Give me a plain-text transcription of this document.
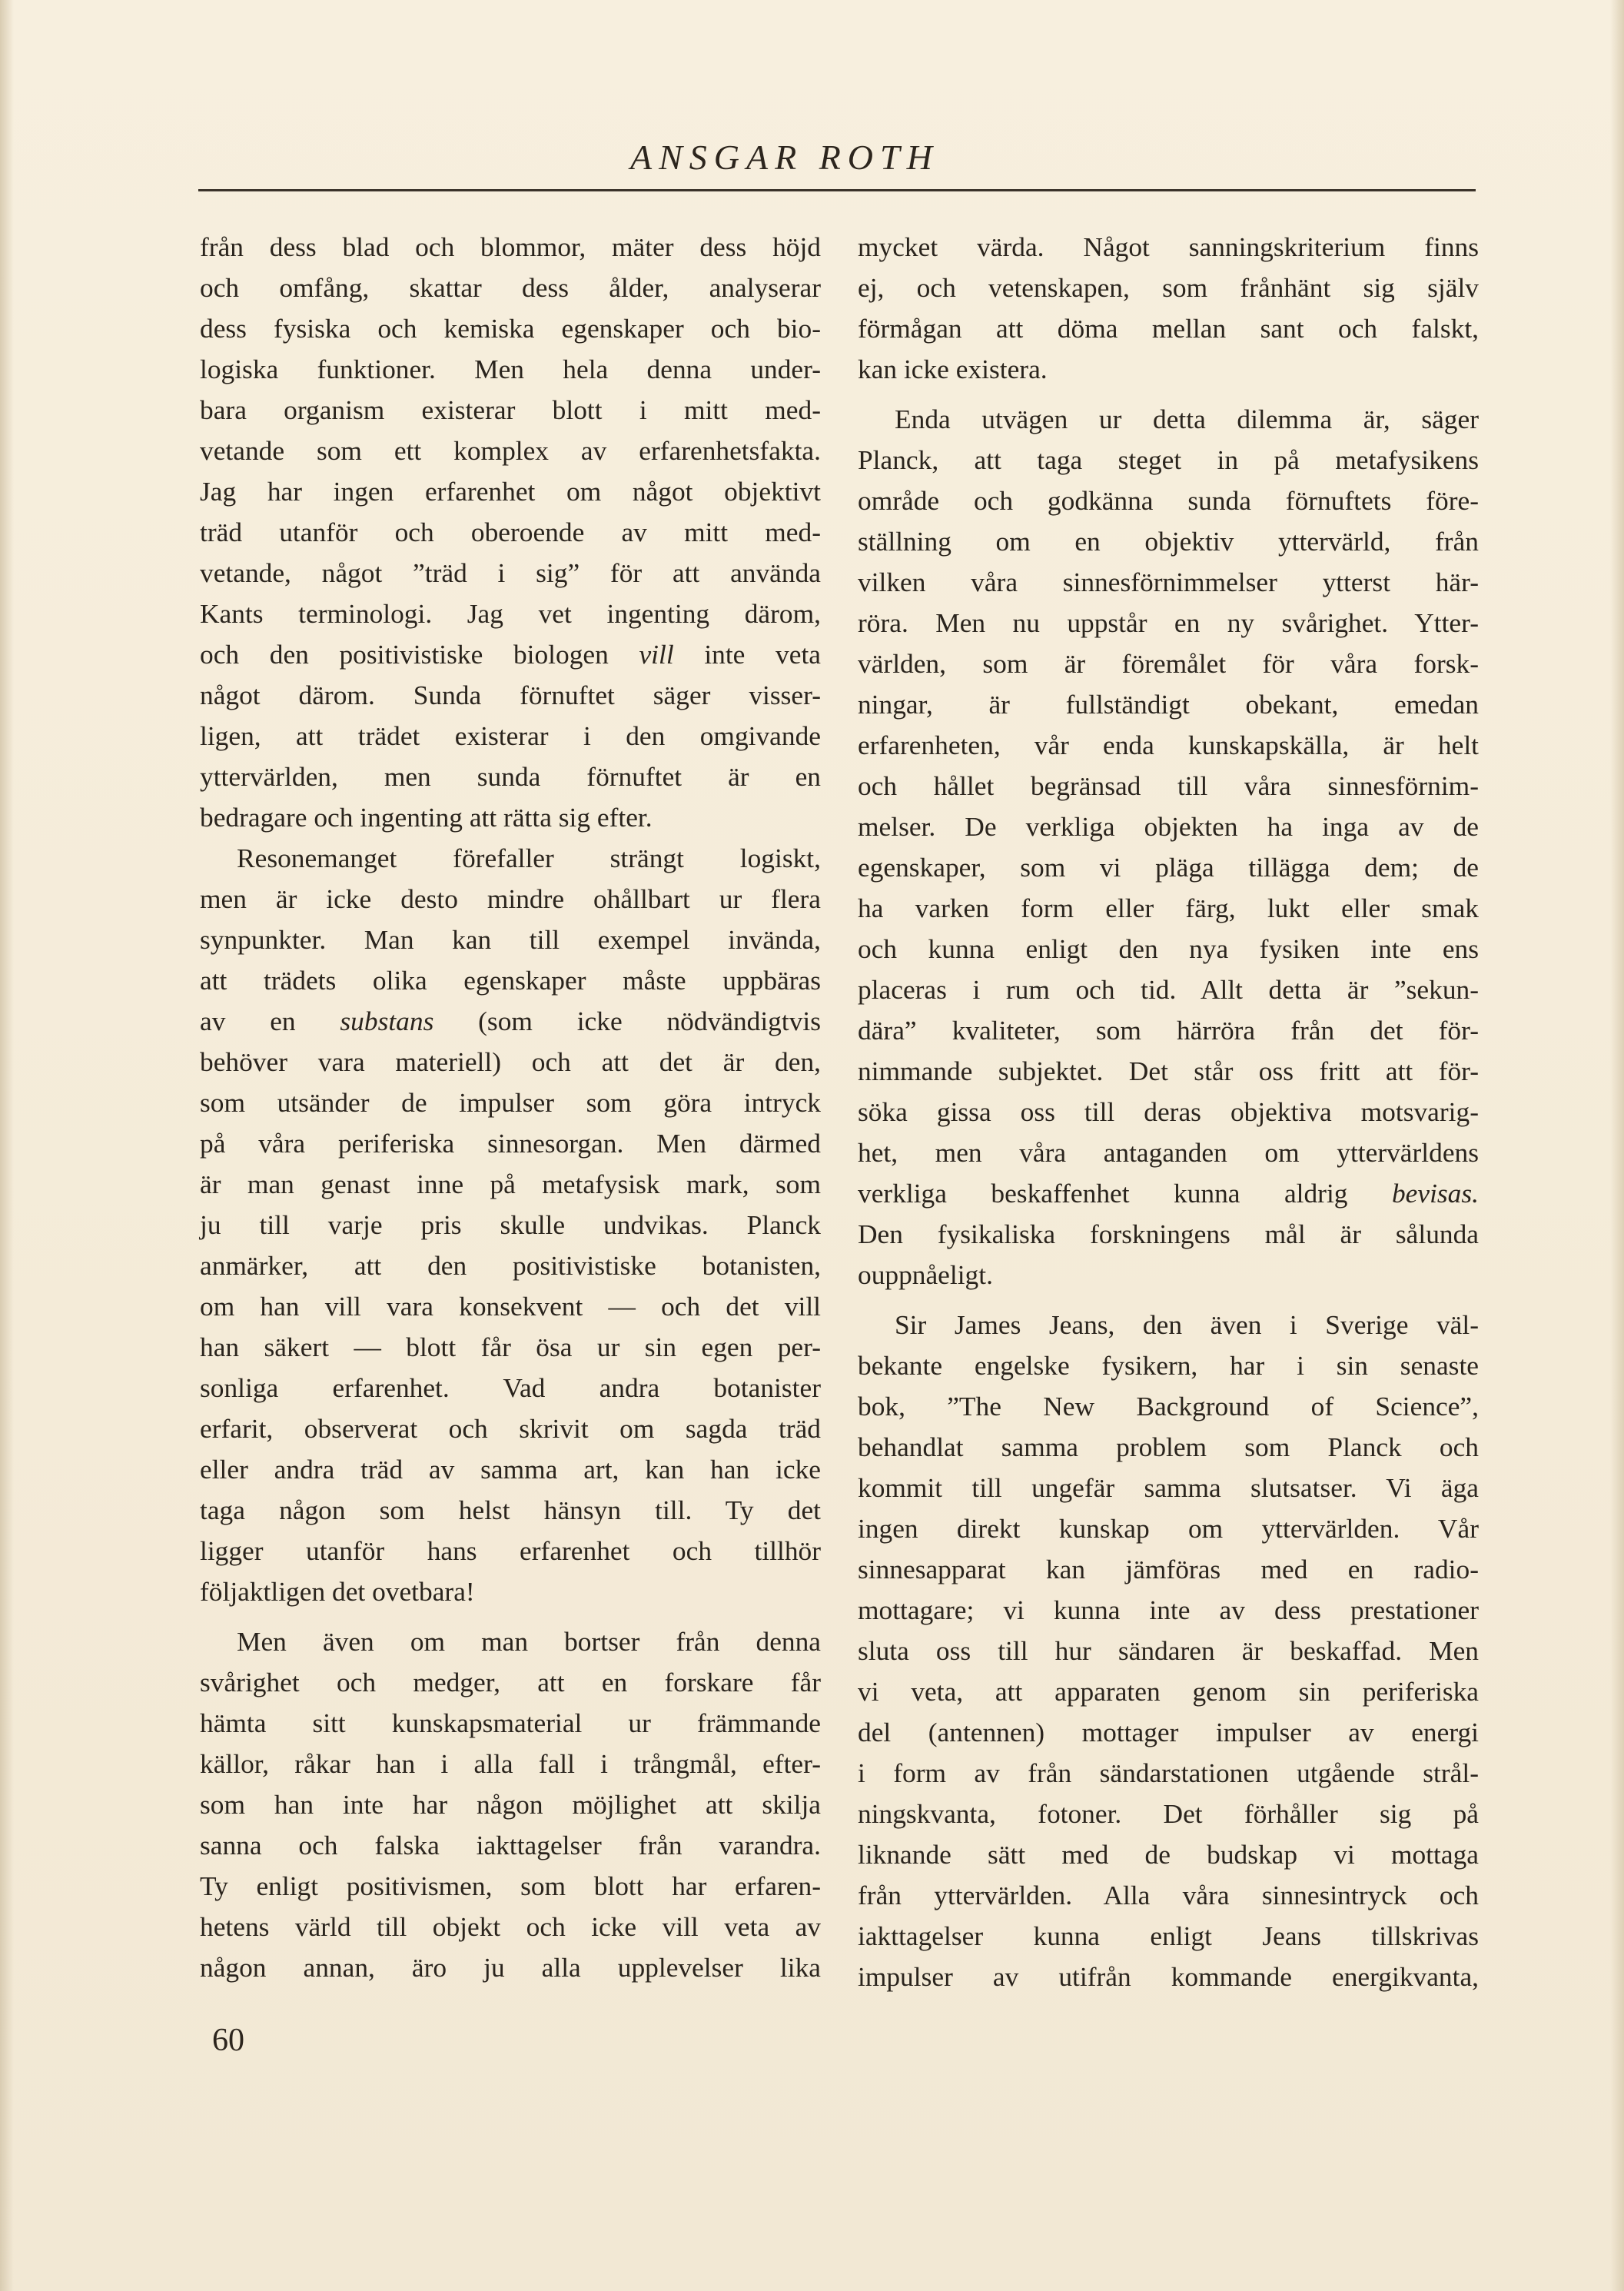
ANSGAR ROTH
från dess blad och blommor, mäter dess höjd
och omfång, skattar dess ålder, analyserar
dess fysiska och kemiska egenskaper och bio-
logiska funktioner. Men hela denna under-
bara organism existerar blott i mitt med-
vetande som ett komplex av erfarenhetsfakta.
Jag har ingen erfarenhet om något objektivt
träd utanför och oberoende av mitt med-
vetande, något ”träd i sig” för att använda
Kants terminologi. Jag vet ingenting därom,
och den positivistiske biologen vill inte veta
något därom. Sunda förnuftet säger visser-
ligen, att trädet existerar i den omgivande
yttervärlden, men sunda förnuftet är en
bedragare och ingenting att rätta sig efter.
Resonemanget förefaller strängt logiskt,
men är icke desto mindre ohållbart ur flera
synpunkter. Man kan till exempel invända,
att trädets olika egenskaper måste uppbäras
av en substans (som icke nödvändigtvis
behöver vara materiell) och att det är den,
som utsänder de impulser som göra intryck
på våra periferiska sinnesorgan. Men därmed
är man genast inne på metafysisk mark, som
ju till varje pris skulle undvikas. Planck
anmärker, att den positivistiske botanisten,
om han vill vara konsekvent — och det vill
han säkert — blott får ösa ur sin egen per-
sonliga erfarenhet. Vad andra botanister
erfarit, observerat och skrivit om sagda träd
eller andra träd av samma art, kan han icke
taga någon som helst hänsyn till. Ty det
ligger utanför hans erfarenhet och tillhör
följaktligen det ovetbara!
Men även om man bortser från denna
svårighet och medger, att en forskare får
hämta sitt kunskapsmaterial ur främmande
källor, råkar han i alla fall i trångmål, efter-
som han inte har någon möjlighet att skilja
sanna och falska iakttagelser från varandra.
Ty enligt positivismen, som blott har erfaren-
hetens värld till objekt och icke vill veta av
någon annan, äro ju alla upplevelser lika
mycket värda. Något sanningskriterium finns
ej, och vetenskapen, som frånhänt sig själv
förmågan att döma mellan sant och falskt,
kan icke existera.
Enda utvägen ur detta dilemma är, säger
Planck, att taga steget in på metafysikens
område och godkänna sunda förnuftets före-
ställning om en objektiv yttervärld, från
vilken våra sinnesförnimmelser ytterst här-
röra. Men nu uppstår en ny svårighet. Ytter-
världen, som är föremålet för våra forsk-
ningar, är fullständigt obekant, emedan
erfarenheten, vår enda kunskapskälla, är helt
och hållet begränsad till våra sinnesförnim-
melser. De verkliga objekten ha inga av de
egenskaper, som vi pläga tillägga dem; de
ha varken form eller färg, lukt eller smak
och kunna enligt den nya fysiken inte ens
placeras i rum och tid. Allt detta är ”sekun-
dära” kvaliteter, som härröra från det för-
nimmande subjektet. Det står oss fritt att för-
söka gissa oss till deras objektiva motsvarig-
het, men våra antaganden om yttervärldens
verkliga beskaffenhet kunna aldrig bevisas.
Den fysikaliska forskningens mål är sålunda
ouppnåeligt.
Sir James Jeans, den även i Sverige väl-
bekante engelske fysikern, har i sin senaste
bok, ”The New Background of Science”,
behandlat samma problem som Planck och
kommit till ungefär samma slutsatser. Vi äga
ingen direkt kunskap om yttervärlden. Vår
sinnesapparat kan jämföras med en radio-
mottagare; vi kunna inte av dess prestationer
sluta oss till hur sändaren är beskaffad. Men
vi veta, att apparaten genom sin periferiska
del (antennen) mottager impulser av energi
i form av från sändarstationen utgående strål-
ningskvanta, fotoner. Det förhåller sig på
liknande sätt med de budskap vi mottaga
från yttervärlden. Alla våra sinnesintryck och
iakttagelser kunna enligt Jeans tillskrivas
impulser av utifrån kommande energikvanta,
60
